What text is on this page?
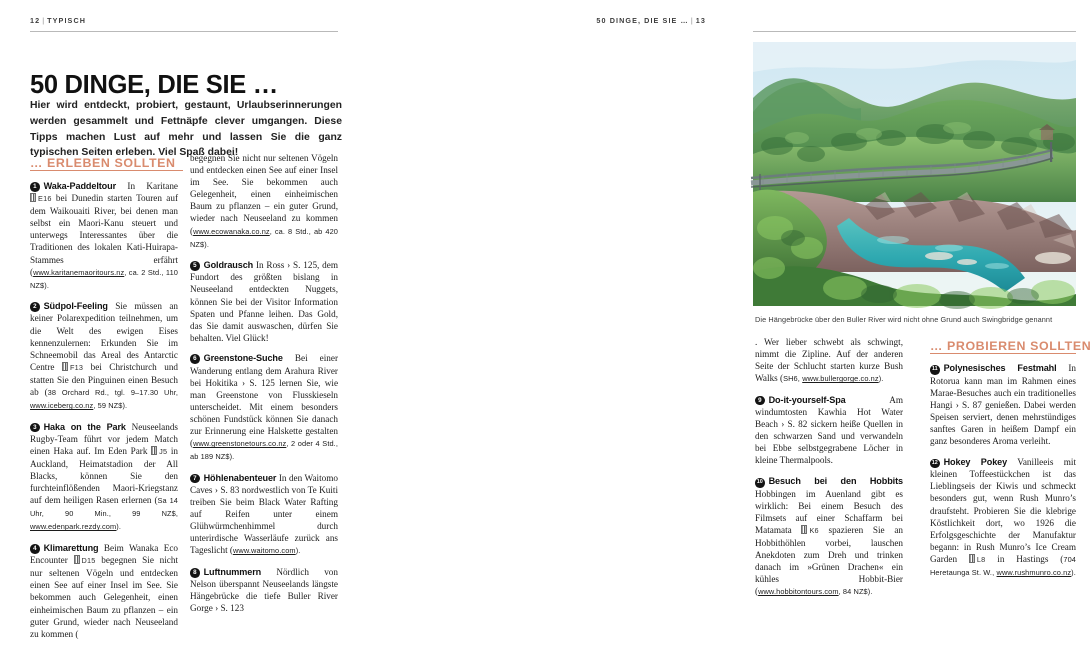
12 | TYPISCH
50 DINGE, DIE SIE …

Hier wird entdeckt, probiert, gestaunt, Urlaubserinnerungen werden gesammelt und Fettnäpfe clever umgangen. Diese Tipps machen Lust auf mehr und lassen Sie die ganz typischen Seiten erleben. Viel Spaß dabei!

… ERLEBEN SOLLTEN

1 Waka-Paddeltour In Karitane E16 bei Dunedin starten Touren auf dem Waikouaiti River, bei denen man selbst ein Maori-Kanu steuert und unterwegs Interessantes über die Traditionen des lokalen Kati-Huirapa-Stammes erfährt (www.karitanemaoritours.nz, ca. 2 Std., 110 NZ$).

2 Südpol-Feeling Sie müssen an keiner Polarexpedition teilnehmen, um die Welt des ewigen Eises kennenzulernen: Erkunden Sie im Schneemobil das Areal des Antarctic Centre F13 bei Christchurch und statten Sie den Pinguinen einen Besuch ab (38 Orchard Rd., tgl. 9–17.30 Uhr, www.iceberg.co.nz, 59 NZ$).

3 Haka on the Park Neuseelands Rugby-Team führt vor jedem Match einen Haka auf. Im Eden Park J5 in Auckland, Heimatstadion der All Blacks, können Sie den furchteinflößenden Maori-Kriegstanz auf dem heiligen Rasen erlernen (Sa 14 Uhr, 90 Min., 99 NZ$, www.edenpark.rezdy.com).

4 Klimarettung Beim Wanaka Eco Encounter D15 begegnen Sie nicht nur seltenen Vögeln und entdecken einen See auf einer Insel im See. Sie bekommen auch Gelegenheit, einen einheimischen Baum zu pflanzen – ein guter Grund, wieder nach Neuseeland zu kommen (

begegnen Sie nicht nur seltenen Vögeln und entdecken einen See auf einer Insel im See. Sie bekommen auch Gelegenheit, einen einheimischen Baum zu pflanzen – ein guter Grund, wieder nach Neuseeland zu kommen (www.ecowanaka.co.nz, ca. 8 Std., ab 420 NZ$).

5 Goldrausch In Ross › S. 125, dem Fundort des größten bislang in Neuseeland entdeckten Nuggets, können Sie bei der Visitor Information Spaten und Pfanne leihen. Das Gold, das Sie damit auswaschen, dürfen Sie behalten. Viel Glück!

6 Greenstone-Suche Bei einer Wanderung entlang dem Arahura River bei Hokitika › S. 125 lernen Sie, wie man Greenstone von Flusskieseln unterscheidet. Mit einem besonders schönen Fundstück können Sie danach zur Erinnerung eine Halskette gestalten (www.greenstonetours.co.nz, 2 oder 4 Std., ab 189 NZ$).

7 Höhlenabenteuer In den Waitomo Caves › S. 83 nordwestlich von Te Kuiti treiben Sie beim Black Water Rafting auf Reifen unter einem Glühwürmchenhimmel durch unterirdische Wasserläufe zurück ans Tageslicht (www.waitomo.com).

8 Luftnummern Nördlich von Nelson überspannt Neuseelands längste Hängebrücke die tiefe Buller River Gorge › S. 123

50 DINGE, DIE SIE … | 13
Die Hängebrücke über den Buller River wird nicht ohne Grund auch Swingbridge genannt
… PROBIEREN SOLLTEN

. Wer lieber schwebt als schwingt, nimmt die Zipline. Auf der anderen Seite der Schlucht starten kurze Bush Walks (SH6, www.bullergorge.co.nz).

9 Do-it-yourself-Spa	Am windumtosten Kawhia Hot Water Beach › S. 82 sickern heiße Quellen in den schwarzen Sand und verwandeln bei Ebbe selbstgegrabene Löcher in kleine Thermalpools.

10 Besuch bei den Hobbits Hobbingen im Auenland gibt es wirklich: Bei einem Besuch des Filmsets auf einer Schaffarm bei Matamata K6 spazieren Sie an Hobbithöhlen vorbei, lauschen Anekdoten zum Dreh und trinken danach im »Grünen Drachen« ein kühles Hobbit-Bier (www.hobbitontours.com, 84 NZ$).

11 Polynesisches Festmahl In Rotorua kann man im Rahmen eines Marae-Besuches auch ein traditionelles Hangi › S. 87 genießen. Dabei werden Speisen serviert, denen mehrstündiges sanftes Garen in heißem Dampf ein ganz besonderes Aroma verleiht.

12 Hokey Pokey Vanilleeis mit kleinen Toffeestückchen ist das Lieblingseis der Kiwis und schmeckt besonders gut, wenn Rush Munro’s draufsteht. Probieren Sie die klebrige Köstlichkeit dort, wo 1926 die Erfolgsgeschichte der Manufaktur begann: in Rush Munro’s Ice Cream Garden	L8 in Hastings (704 Heretaunga St. W., www.rushmunro.co.nz).
